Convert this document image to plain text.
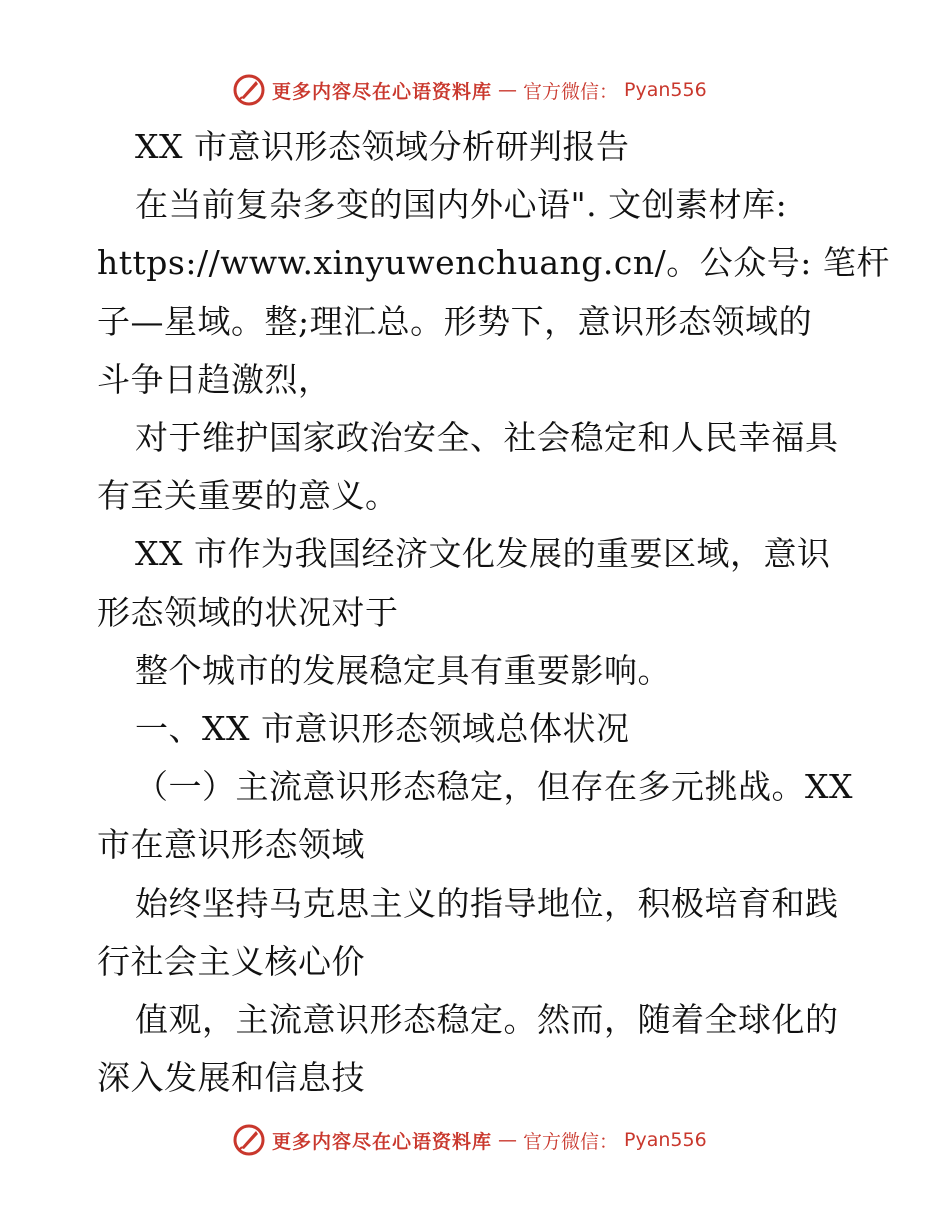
更多内容尽在心语资料库 — 官方微信： Pyan556

XX 市意识形态领域分析研判报告

在当前复杂多变的国内外心语". 文创素材库:

https://www.xinyuwenchuang.cn/。公众号: 笔杆

子—星域。整;理汇总。形势下，意识形态领域的

斗争日趋激烈，

对于维护国家政治安全、社会稳定和人民幸福具

有至关重要的意义。

XX 市作为我国经济文化发展的重要区域，意识

形态领域的状况对于

整个城市的发展稳定具有重要影响。

一、XX 市意识形态领域总体状况

（一）主流意识形态稳定，但存在多元挑战。XX

市在意识形态领域

始终坚持马克思主义的指导地位，积极培育和践

行社会主义核心价

值观，主流意识形态稳定。然而，随着全球化的

深入发展和信息技

更多内容尽在心语资料库 — 官方微信： Pyan556
